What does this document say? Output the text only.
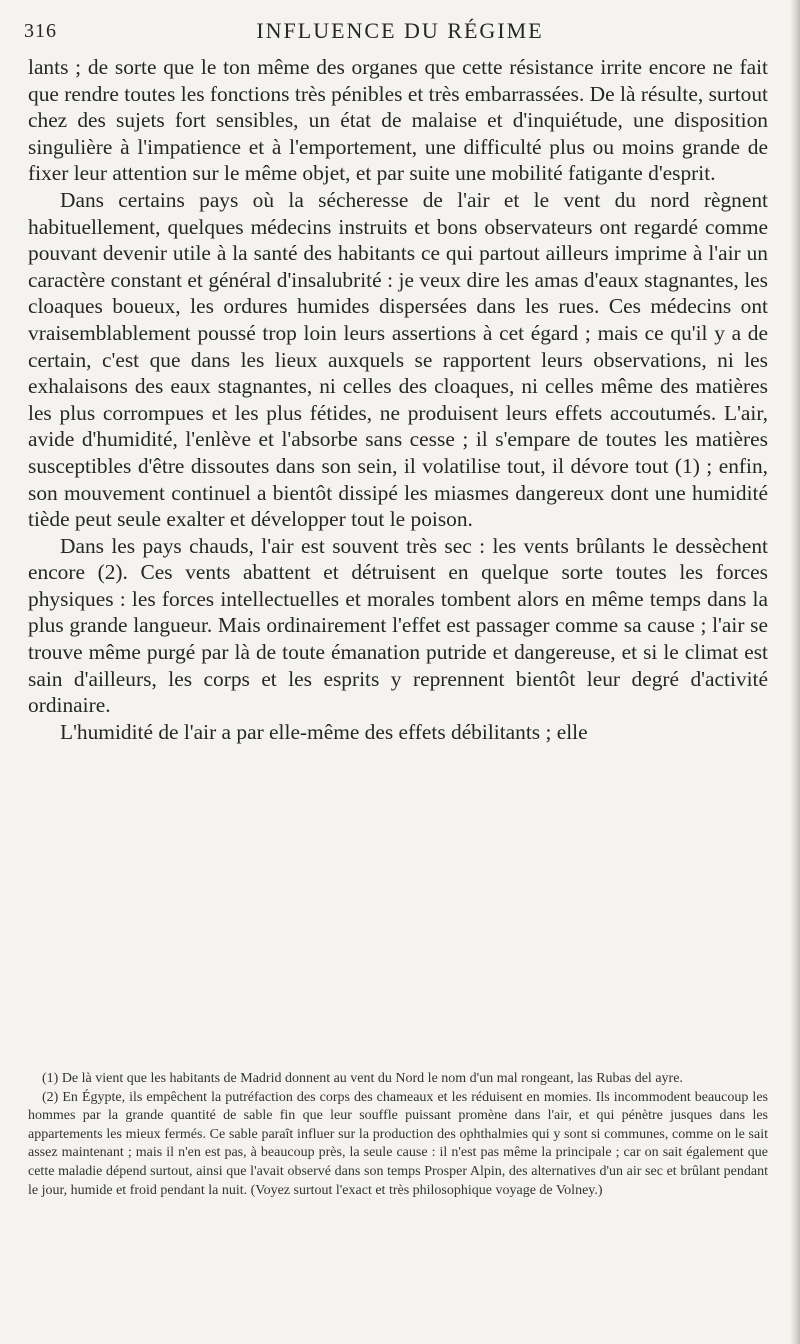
316	INFLUENCE DU RÉGIME

lants ; de sorte que le ton même des organes que cette résistance irrite encore ne fait que rendre toutes les fonctions très pénibles et très embarrassées. De là résulte, surtout chez des sujets fort sensibles, un état de malaise et d'inquiétude, une disposition singulière à l'impatience et à l'emportement, une difficulté plus ou moins grande de fixer leur attention sur le même objet, et par suite une mobilité fatigante d'esprit.

Dans certains pays où la sécheresse de l'air et le vent du nord règnent habituellement, quelques médecins instruits et bons observateurs ont regardé comme pouvant devenir utile à la santé des habitants ce qui partout ailleurs imprime à l'air un caractère constant et général d'insalubrité : je veux dire les amas d'eaux stagnantes, les cloaques boueux, les ordures humides dispersées dans les rues. Ces médecins ont vraisemblablement poussé trop loin leurs assertions à cet égard ; mais ce qu'il y a de certain, c'est que dans les lieux auxquels se rapportent leurs observations, ni les exhalaisons des eaux stagnantes, ni celles des cloaques, ni celles même des matières les plus corrompues et les plus fétides, ne produisent leurs effets accoutumés. L'air, avide d'humidité, l'enlève et l'absorbe sans cesse ; il s'empare de toutes les matières susceptibles d'être dissoutes dans son sein, il volatilise tout, il dévore tout (1) ; enfin, son mouvement continuel a bientôt dissipé les miasmes dangereux dont une humidité tiède peut seule exalter et développer tout le poison.

Dans les pays chauds, l'air est souvent très sec : les vents brûlants le dessèchent encore (2). Ces vents abattent et détruisent en quelque sorte toutes les forces physiques : les forces intellectuelles et morales tombent alors en même temps dans la plus grande langueur. Mais ordinairement l'effet est passager comme sa cause ; l'air se trouve même purgé par là de toute émanation putride et dangereuse, et si le climat est sain d'ailleurs, les corps et les esprits y reprennent bientôt leur degré d'activité ordinaire.

L'humidité de l'air a par elle-même des effets débilitants ; elle

(1) De là vient que les habitants de Madrid donnent au vent du Nord le nom d'un mal rongeant, las Rubas del ayre.

(2) En Égypte, ils empêchent la putréfaction des corps des chameaux et les réduisent en momies. Ils incommodent beaucoup les hommes par la grande quantité de sable fin que leur souffle puissant promène dans l'air, et qui pénètre jusques dans les appartements les mieux fermés. Ce sable paraît influer sur la production des ophthalmies qui y sont si communes, comme on le sait assez maintenant ; mais il n'en est pas, à beaucoup près, la seule cause : il n'est pas même la principale ; car on sait également que cette maladie dépend surtout, ainsi que l'avait observé dans son temps Prosper Alpin, des alternatives d'un air sec et brûlant pendant le jour, humide et froid pendant la nuit. (Voyez surtout l'exact et très philosophique voyage de Volney.)
